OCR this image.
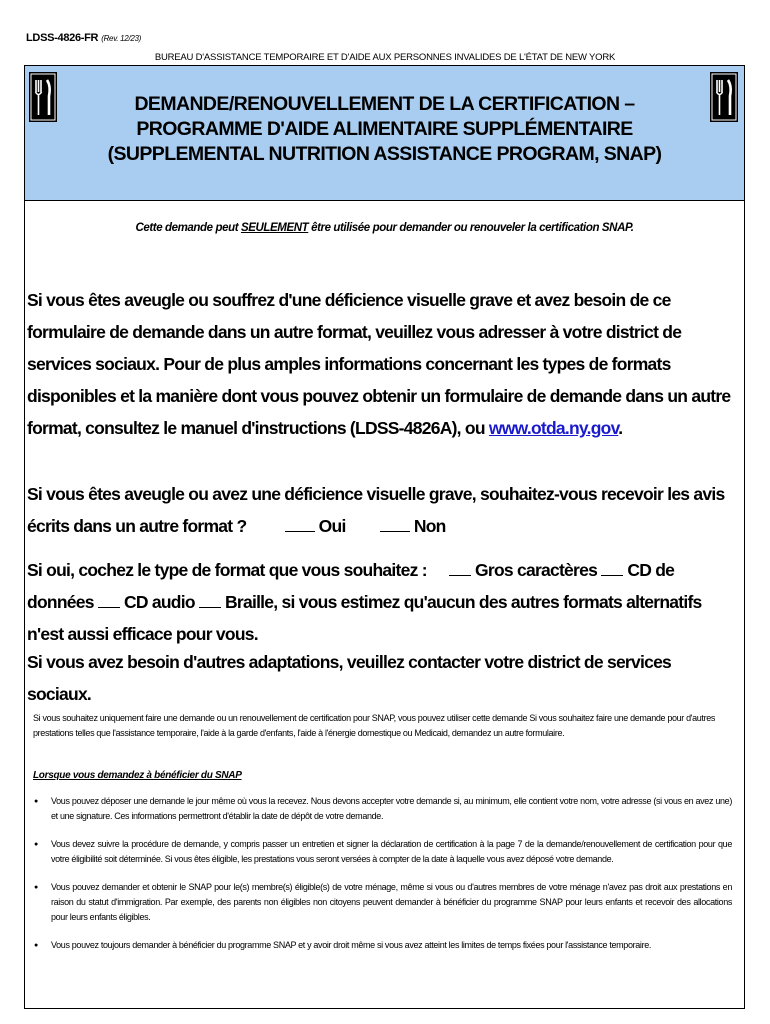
LDSS-4826-FR (Rev. 12/23)
BUREAU D'ASSISTANCE TEMPORAIRE ET D'AIDE AUX PERSONNES INVALIDES DE L'ÉTAT DE NEW YORK
DEMANDE/RENOUVELLEMENT DE LA CERTIFICATION –
PROGRAMME D'AIDE ALIMENTAIRE SUPPLÉMENTAIRE
(SUPPLEMENTAL NUTRITION ASSISTANCE PROGRAM, SNAP)
Cette demande peut SEULEMENT être utilisée pour demander ou renouveler la certification SNAP.
Si vous êtes aveugle ou souffrez d'une déficience visuelle grave et avez besoin de ce formulaire de demande dans un autre format, veuillez vous adresser à votre district de services sociaux. Pour de plus amples informations concernant les types de formats disponibles et la manière dont vous pouvez obtenir un formulaire de demande dans un autre format, consultez le manuel d'instructions (LDSS-4826A), ou www.otda.ny.gov.
Si vous êtes aveugle ou avez une déficience visuelle grave, souhaitez-vous recevoir les avis écrits dans un autre format ?	Oui	Non
Si oui, cochez le type de format que vous souhaitez :	Gros caractères CD de données CD audio Braille, si vous estimez qu'aucun des autres formats alternatifs n'est aussi efficace pour vous.
Si vous avez besoin d'autres adaptations, veuillez contacter votre district de services sociaux.
Si vous souhaitez uniquement faire une demande ou un renouvellement de certification pour SNAP, vous pouvez utiliser cette demande Si vous souhaitez faire une demande pour d'autres prestations telles que l'assistance temporaire, l'aide à la garde d'enfants, l'aide à l'énergie domestique ou Medicaid, demandez un autre formulaire.
Lorsque vous demandez à bénéficier du SNAP
● Vous pouvez déposer une demande le jour même où vous la recevez. Nous devons accepter votre demande si, au minimum, elle contient votre nom, votre adresse (si vous en avez une) et une signature. Ces informations permettront d'établir la date de dépôt de votre demande.
● Vous devez suivre la procédure de demande, y compris passer un entretien et signer la déclaration de certification à la page 7 de la demande/renouvellement de certification pour que votre éligibilité soit déterminée. Si vous êtes éligible, les prestations vous seront versées à compter de la date à laquelle vous avez déposé votre demande.
● Vous pouvez demander et obtenir le SNAP pour le(s) membre(s) éligible(s) de votre ménage, même si vous ou d'autres membres de votre ménage n'avez pas droit aux prestations en raison du statut d'immigration. Par exemple, des parents non éligibles non citoyens peuvent demander à bénéficier du programme SNAP pour leurs enfants et recevoir des allocations pour leurs enfants éligibles.
● Vous pouvez toujours demander à bénéficier du programme SNAP et y avoir droit même si vous avez atteint les limites de temps fixées pour l'assistance temporaire.
